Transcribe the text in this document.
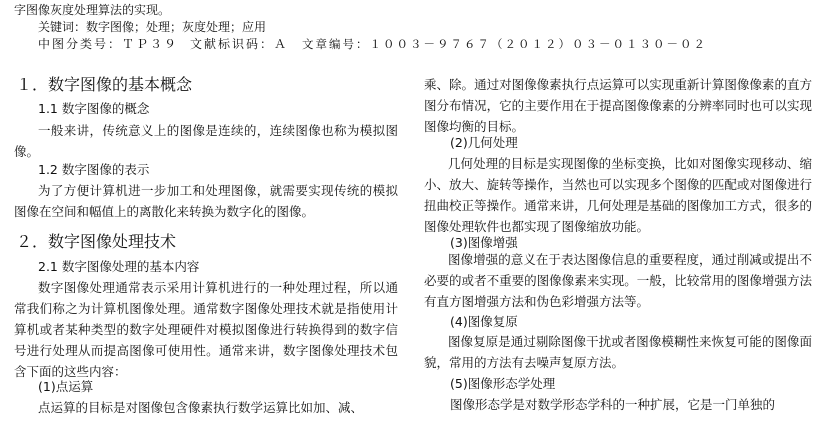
字图像灰度处理算法的实现。
关键词：数字图像；处理；灰度处理；应用
中图分类号：ＴＰ３９ 文献标识码：Ａ 文章编号：１００３－９７６７（２０１２）０３－０１３０－０２
１．数字图像的基本概念
1.1 数字图像的概念
一般来讲，传统意义上的图像是连续的，连续图像也称为模拟图像。
1.2 数字图像的表示
为了方便计算机进一步加工和处理图像，就需要实现传统的模拟图像在空间和幅值上的离散化来转换为数字化的图像。
２．数字图像处理技术
2.1 数字图像处理的基本内容
数字图像处理通常表示采用计算机进行的一种处理过程，所以通常我们称之为计算机图像处理。通常数字图像处理技术就是指使用计算机或者某种类型的数字处理硬件对模拟图像进行转换得到的数字信号进行处理从而提高图像可使用性。通常来讲，数字图像处理技术包含下面的这些内容：
(1)点运算
点运算的目标是对图像包含像素执行数学运算比如加、减、
乘、除。通过对图像像素执行点运算可以实现重新计算图像像素的直方图分布情况，它的主要作用在于提高图像像素的分辨率同时也可以实现图像均衡的目标。
(2)几何处理
几何处理的目标是实现图像的坐标变换，比如对图像实现移动、缩小、放大、旋转等操作，当然也可以实现多个图像的匹配或对图像进行扭曲校正等操作。通常来讲，几何处理是基础的图像加工方式，很多的图像处理软件也都实现了图像缩放功能。
(3)图像增强
图像增强的意义在于表达图像信息的重要程度，通过削减或提出不必要的或者不重要的图像像素来实现。一般，比较常用的图像增强方法有直方图增强方法和伪色彩增强方法等。
(4)图像复原
图像复原是通过剔除图像干扰或者图像模糊性来恢复可能的图像面貌，常用的方法有去噪声复原方法。
(5)图像形态学处理
图像形态学是对数学形态学科的一种扩展，它是一门单独的
